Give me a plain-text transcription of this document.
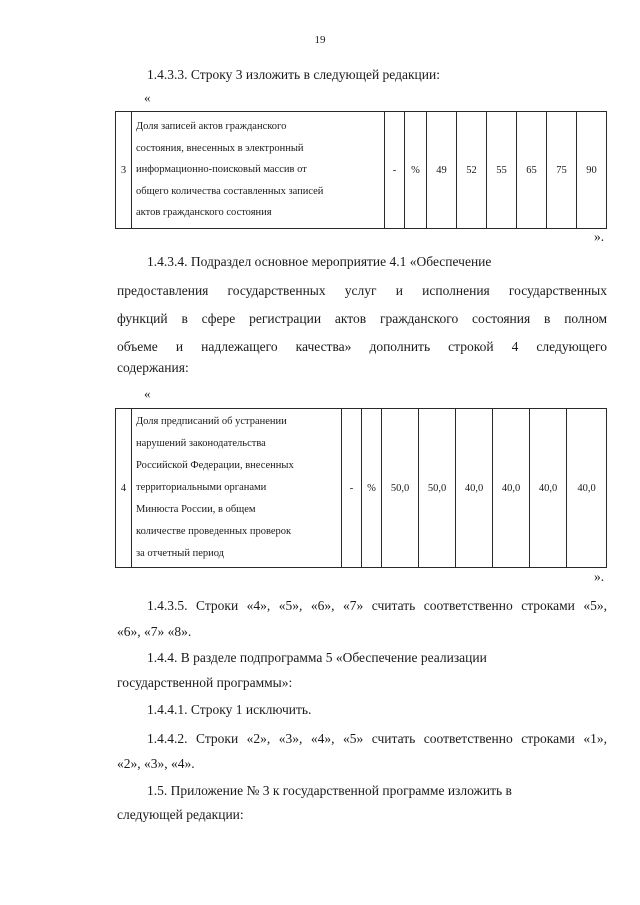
19
1.4.3.3. Строку 3 изложить в следующей редакции:
«
3	
Доля записей актов гражданского
состояния, внесенных в электронный
информационно-поисковый массив от
общего количества составленных записей
актов гражданского состояния
	-	%	49	52	55	65	75	90
».
1.4.3.4. Подраздел основное мероприятие 4.1 «Обеспечение
предоставления государственных услуг и исполнения государственных
функций в сфере регистрации актов гражданского состояния в полном
объеме и надлежащего качества» дополнить строкой 4 следующего
содержания:
«
4	
Доля предписаний об устранении
нарушений законодательства
Российской Федерации, внесенных
территориальными органами
Минюста России, в общем
количестве проведенных проверок
за отчетный период
	-	%	50,0	50,0	40,0	40,0	40,0	40,0
».
1.4.3.5. Строки «4», «5», «6», «7» считать соответственно строками «5»,
«6», «7» «8».
1.4.4. В разделе подпрограмма 5 «Обеспечение реализации
государственной программы»:
1.4.4.1. Строку 1 исключить.
1.4.4.2. Строки «2», «3», «4», «5» считать соответственно строками «1»,
«2», «3», «4».
1.5. Приложение № 3 к государственной программе изложить в
следующей редакции:
